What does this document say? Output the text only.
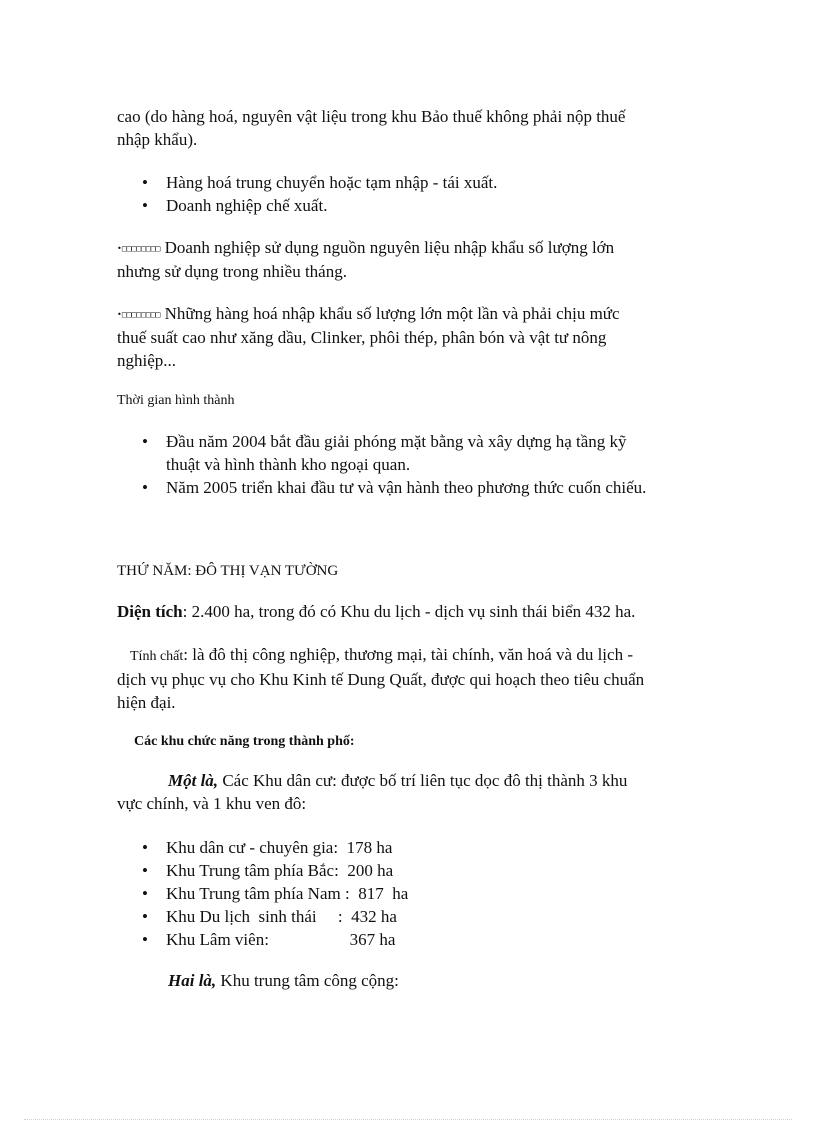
cao (do hàng hoá, nguyên vật liệu trong khu Bảo thuế không phải nộp thuế
nhập khẩu).

• Hàng hoá trung chuyển hoặc tạm nhập - tái xuất.
• Doanh nghiệp chế xuất.

•□□□□□□□□ Doanh nghiệp sử dụng nguồn nguyên liệu nhập khẩu số lượng lớn
nhưng sử dụng trong nhiều tháng.

•□□□□□□□□ Những hàng hoá nhập khẩu số lượng lớn một lần và phải chịu mức
thuế suất cao như xăng dầu, Clinker, phôi thép, phân bón và vật tư nông
nghiệp...

Thời gian hình thành

• Đầu năm 2004 bắt đầu giải phóng mặt bằng và xây dựng hạ tầng kỹ
thuật và hình thành kho ngoại quan.
• Năm 2005 triển khai đầu tư và vận hành theo phương thức cuốn chiếu.

THỨ NĂM: ĐÔ THỊ VẠN TƯỜNG

Diện tích: 2.400 ha, trong đó có Khu du lịch - dịch vụ sinh thái biển 432 ha.

Tính chất: là đô thị công nghiệp, thương mại, tài chính, văn hoá và du lịch -
dịch vụ phục vụ cho Khu Kinh tế Dung Quất, được qui hoạch theo tiêu chuẩn
hiện đại.

Các khu chức năng trong thành phố:

Một là, Các Khu dân cư: được bố trí liên tục dọc đô thị thành 3 khu
vực chính, và 1 khu ven đô:

• Khu dân cư - chuyên gia:  178 ha
• Khu Trung tâm phía Bắc:  200 ha
• Khu Trung tâm phía Nam :  817  ha
• Khu Du lịch  sinh thái     :  432 ha
• Khu Lâm viên:                   367 ha

Hai là, Khu trung tâm công cộng:
